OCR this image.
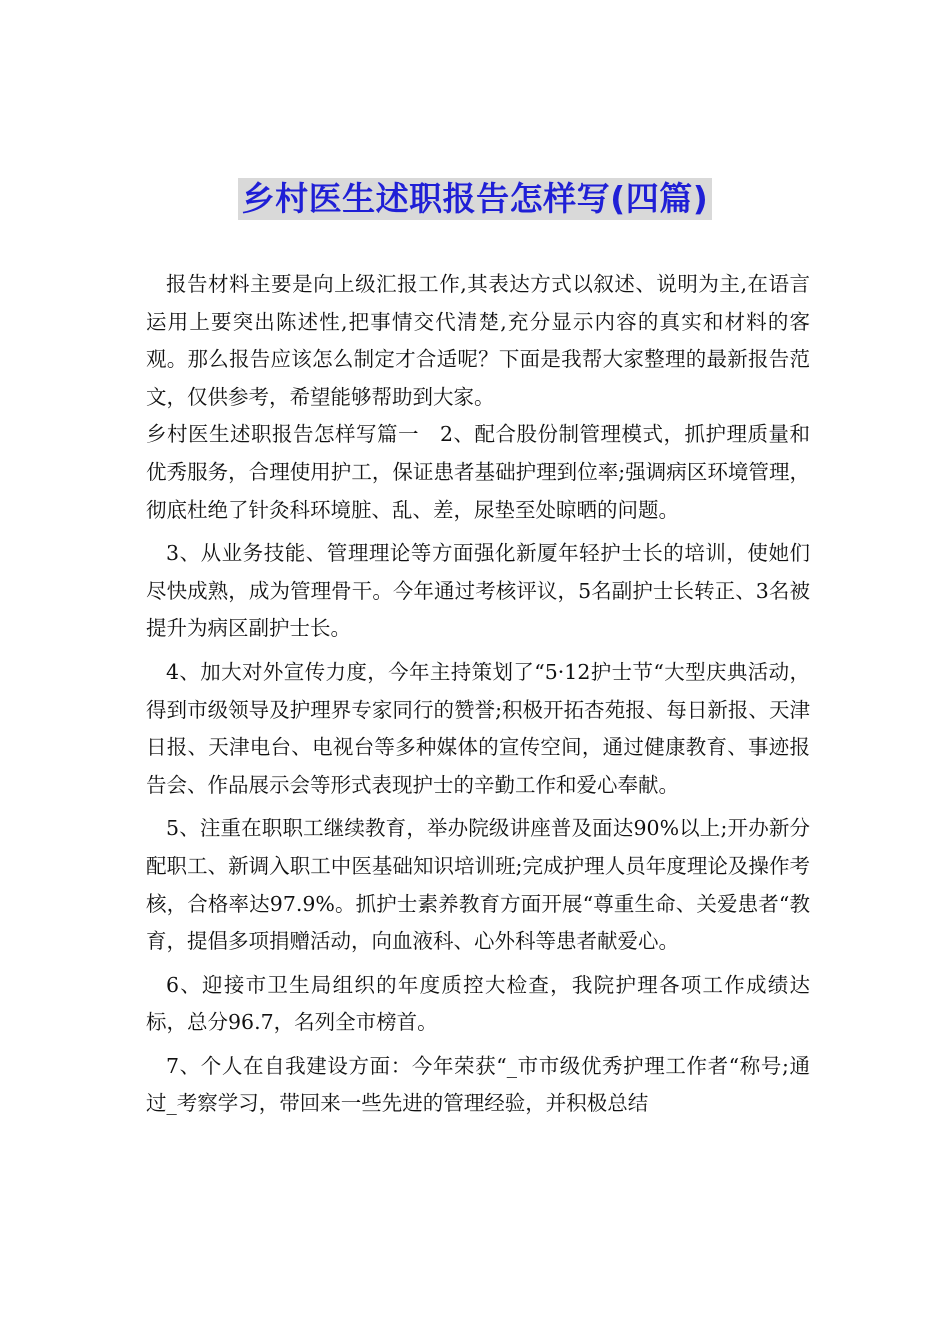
乡村医生述职报告怎样写(四篇)

报告材料主要是向上级汇报工作,其表达方式以叙述、说明为主,在语言运用上要突出陈述性,把事情交代清楚,充分显示内容的真实和材料的客观。那么报告应该怎么制定才合适呢？下面是我帮大家整理的最新报告范文，仅供参考，希望能够帮助到大家。

乡村医生述职报告怎样写篇一　2、配合股份制管理模式，抓护理质量和优秀服务，合理使用护工，保证患者基础护理到位率;强调病区环境管理，彻底杜绝了针灸科环境脏、乱、差，尿垫至处晾晒的问题。

3、从业务技能、管理理论等方面强化新厦年轻护士长的培训，使她们尽快成熟，成为管理骨干。今年通过考核评议，5名副护士长转正、3名被提升为病区副护士长。

4、加大对外宣传力度，今年主持策划了“5·12护士节“大型庆典活动，得到市级领导及护理界专家同行的赞誉;积极开拓杏苑报、每日新报、天津日报、天津电台、电视台等多种媒体的宣传空间，通过健康教育、事迹报告会、作品展示会等形式表现护士的辛勤工作和爱心奉献。

5、注重在职职工继续教育，举办院级讲座普及面达90%以上;开办新分配职工、新调入职工中医基础知识培训班;完成护理人员年度理论及操作考核，合格率达97.9%。抓护士素养教育方面开展“尊重生命、关爱患者“教育，提倡多项捐赠活动，向血液科、心外科等患者献爱心。

6、迎接市卫生局组织的年度质控大检查，我院护理各项工作成绩达标，总分96.7，名列全市榜首。

7、个人在自我建设方面：今年荣获“_市市级优秀护理工作者“称号;通过_考察学习，带回来一些先进的管理经验，并积极总结
